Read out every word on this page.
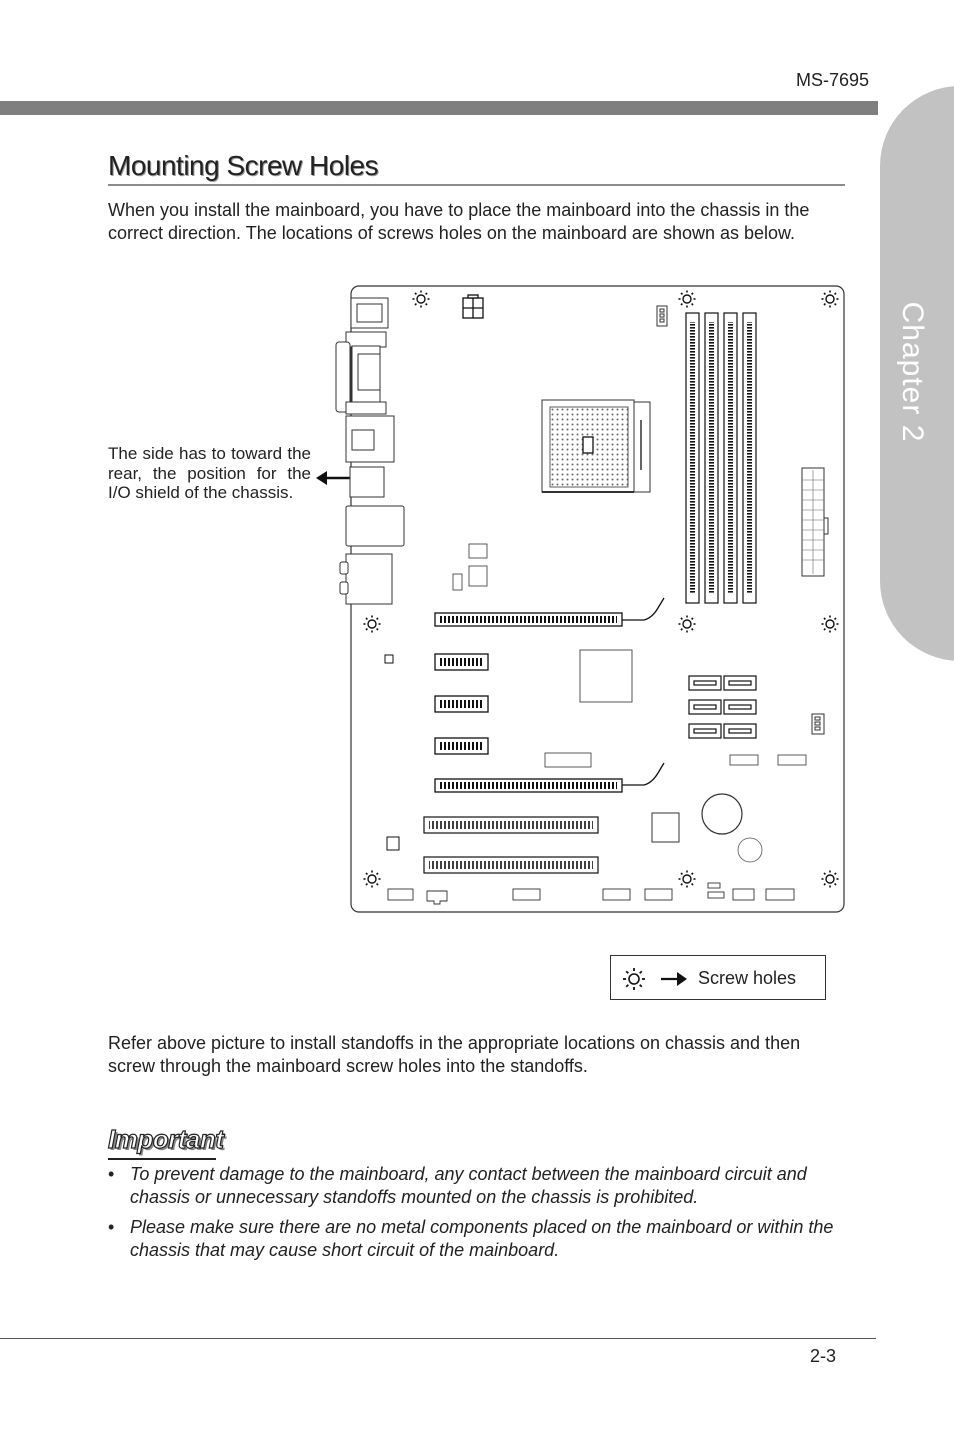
MS-7695
Chapter 2
Mounting Screw Holes

When you install the mainboard, you have to place the mainboard into the chassis in the correct direction. The locations of screws holes on the mainboard are shown as below.

The side has to toward the rear, the position for the I/O shield of the chassis.

Screw holes

Refer above picture to install standoffs in the appropriate locations on chassis and then screw through the mainboard screw holes into the standoffs.

Important
• To prevent damage to the mainboard, any contact between the mainboard circuit and chassis or unnecessary standoffs mounted on the chassis is prohibited.
• Please make sure there are no metal components placed on the mainboard or within the chassis that may cause short circuit of the mainboard.
2-3
